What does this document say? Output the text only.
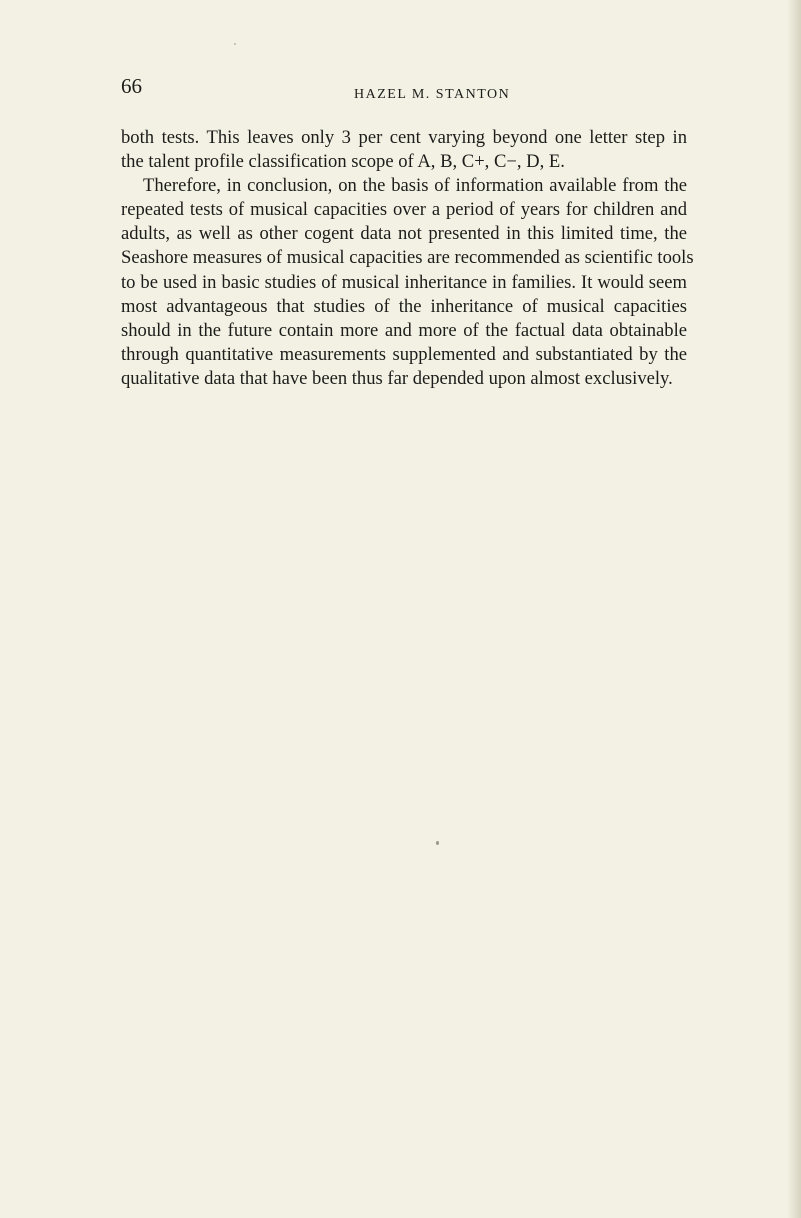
66	HAZEL M. STANTON
both tests. This leaves only 3 per cent varying beyond one letter step in
the talent profile classification scope of A, B, C+, C−, D, E.
Therefore, in conclusion, on the basis of information available from the
repeated tests of musical capacities over a period of years for children and
adults, as well as other cogent data not presented in this limited time, the
Seashore measures of musical capacities are recommended as scientific tools
to be used in basic studies of musical inheritance in families. It would seem
most advantageous that studies of the inheritance of musical capacities
should in the future contain more and more of the factual data obtainable
through quantitative measurements supplemented and substantiated by the
qualitative data that have been thus far depended upon almost exclusively.
